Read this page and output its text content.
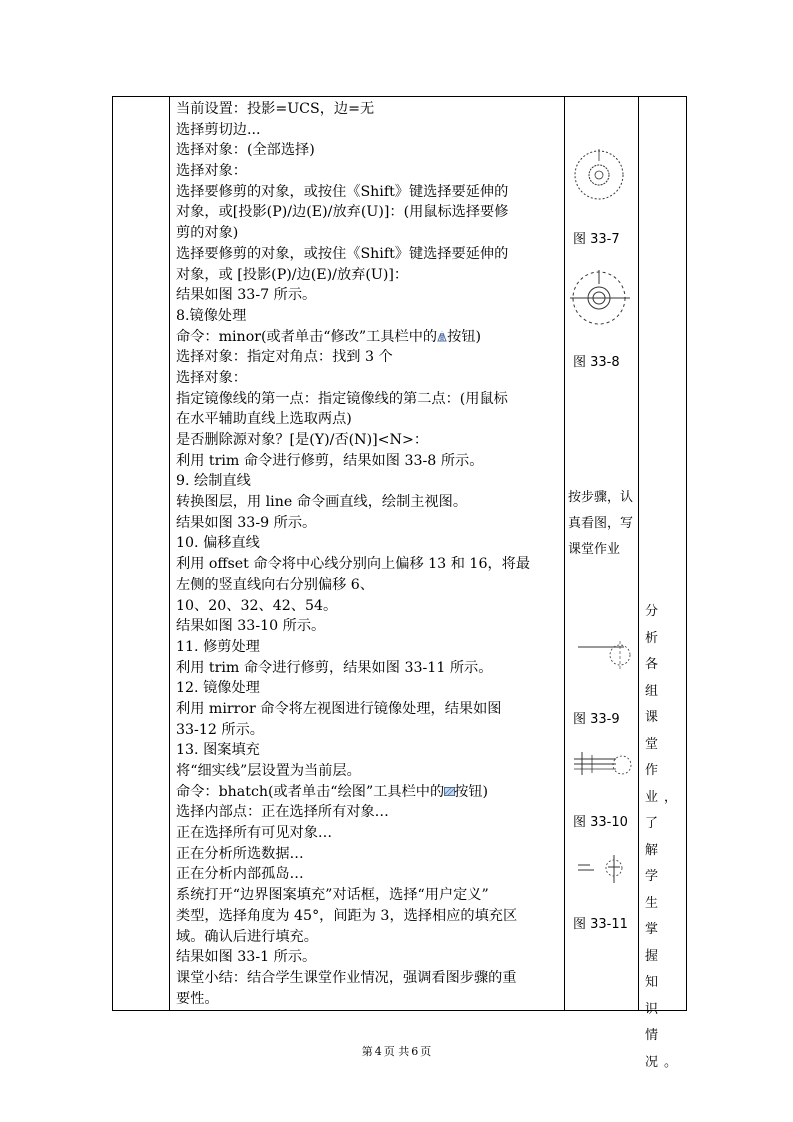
当前设置：投影=UCS，边=无
选择剪切边...
选择对象：(全部选择)
选择对象：
选择要修剪的对象，或按住《Shift》键选择要延伸的
对象，或[投影(P)/边(E)/放弃(U)]：(用鼠标选择要修
剪的对象)
选择要修剪的对象，或按住《Shift》键选择要延伸的
对象，或 [投影(P)/边(E)/放弃(U)]：
结果如图 33-7 所示。
8.镜像处理
命令：minor(或者单击“修改”工具栏中的 按钮)
选择对象：指定对角点：找到 3 个
选择对象：
指定镜像线的第一点：指定镜像线的第二点：(用鼠标
在水平辅助直线上选取两点)
是否删除源对象？[是(Y)/否(N)]<N>：
利用 trim 命令进行修剪，结果如图 33-8 所示。
9. 绘制直线
转换图层，用 line 命令画直线，绘制主视图。
结果如图 33-9 所示。
10. 偏移直线
利用 offset 命令将中心线分别向上偏移 13 和 16，将最
左侧的竖直线向右分别偏移 6、
10、20、32、42、54。
结果如图 33-10 所示。
11. 修剪处理
利用 trim 命令进行修剪，结果如图 33-11 所示。
12. 镜像处理
利用 mirror 命令将左视图进行镜像处理，结果如图
33-12 所示。
13. 图案填充
将“细实线”层设置为当前层。
命令：bhatch(或者单击“绘图”工具栏中的 按钮)
选择内部点：正在选择所有对象…
正在选择所有可见对象…
正在分析所选数据…
正在分析内部孤岛…
系统打开“边界图案填充”对话框，选择“用户定义”
类型，选择角度为 45°，间距为 3，选择相应的填充区
域。确认后进行填充。
结果如图 33-1 所示。
课堂小结：结合学生课堂作业情况，强调看图步骤的重
要性。
图 33-7
图 33-8
按步骤，认真看图，写课堂作业
图 33-9
图 33-10
图 33-11
分析各组课堂作业，了解学生掌握知识情况。
第 4 页 共 6 页
